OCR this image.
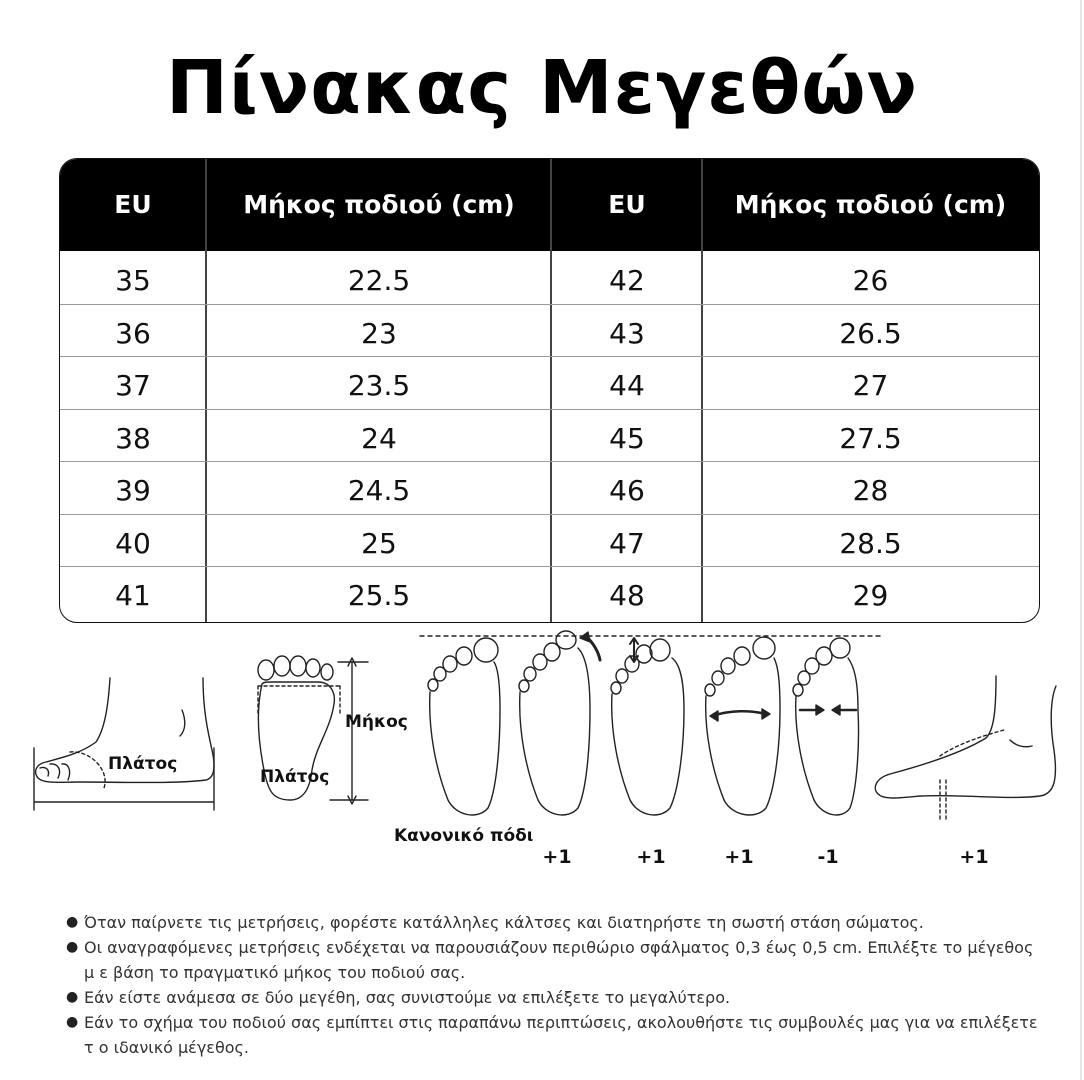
Πίνακας Μεγεθών
EU	Μήκος ποδιού (cm)	EU	Μήκος ποδιού (cm)
35	22.5	42	26
36	23	43	26.5
37	23.5	44	27
38	24	45	27.5
39	24.5	46	28
40	25	47	28.5
41	25.5	48	29
Πλάτος
Μήκος
Πλάτος
Κανονικό πόδι
+1	+1	+1	-1	+1
● Όταν παίρνετε τις μετρήσεις, φορέστε κατάλληλες κάλτσες και διατηρήστε τη σωστή στάση σώματος.
● Οι αναγραφόμενες μετρήσεις ενδέχεται να παρουσιάζουν περιθώριο σφάλματος 0,3 έως 0,5 cm. Επιλέξτε το μέγεθος μ ε βάση το πραγματικό μήκος του ποδιού σας.
● Εάν είστε ανάμεσα σε δύο μεγέθη, σας συνιστούμε να επιλέξετε το μεγαλύτερο.
● Εάν το σχήμα του ποδιού σας εμπίπτει στις παραπάνω περιπτώσεις, ακολουθήστε τις συμβουλές μας για να επιλέξετε τ ο ιδανικό μέγεθος.
